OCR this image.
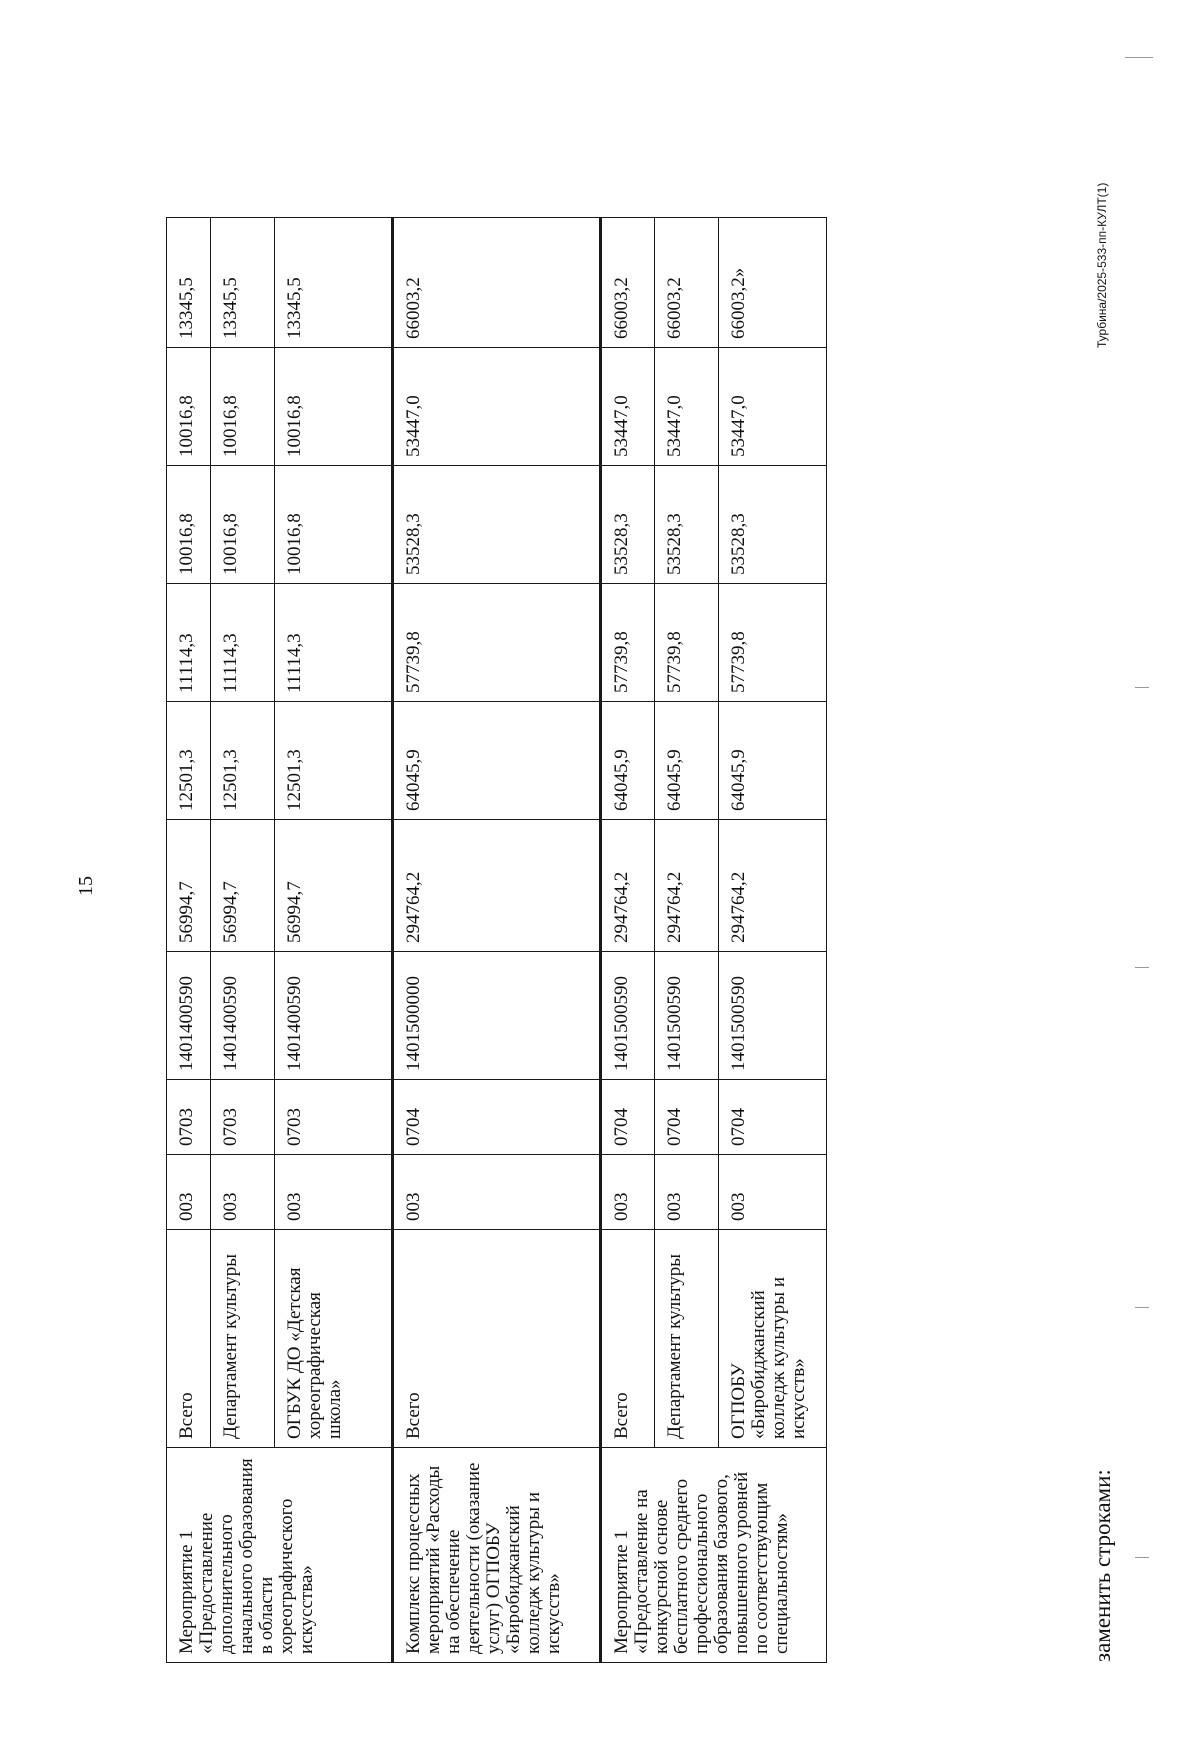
15
Мероприятие 1 «Предоставление дополнительного начального образования в области хореографического искусства»	Всего	003	0703	1401400590	56994,7	12501,3	11114,3	10016,8	10016,8	13345,5
	Департамент культуры	003	0703	1401400590	56994,7	12501,3	11114,3	10016,8	10016,8	13345,5
	ОГБУК ДО «Детская хореографическая школа»	003	0703	1401400590	56994,7	12501,3	11114,3	10016,8	10016,8	13345,5
Комплекс процессных мероприятий «Расходы на обеспечение деятельности (оказание услуг) ОГПОБУ «Биробиджанский колледж культуры и искусств»	Всего	003	0704	1401500000	294764,2	64045,9	57739,8	53528,3	53447,0	66003,2
Мероприятие 1 «Предоставление на конкурсной основе бесплатного среднего профессионального образования базового, повышенного уровней по соответствующим специальностям»	Всего	003	0704	1401500590	294764,2	64045,9	57739,8	53528,3	53447,0	66003,2
	Департамент культуры	003	0704	1401500590	294764,2	64045,9	57739,8	53528,3	53447,0	66003,2
	ОГПОБУ «Биробиджанский колледж культуры и искусств»	003	0704	1401500590	294764,2	64045,9	57739,8	53528,3	53447,0	66003,2»
заменить строками:
Турбина/2025-533-пп-КУЛТ(1)
